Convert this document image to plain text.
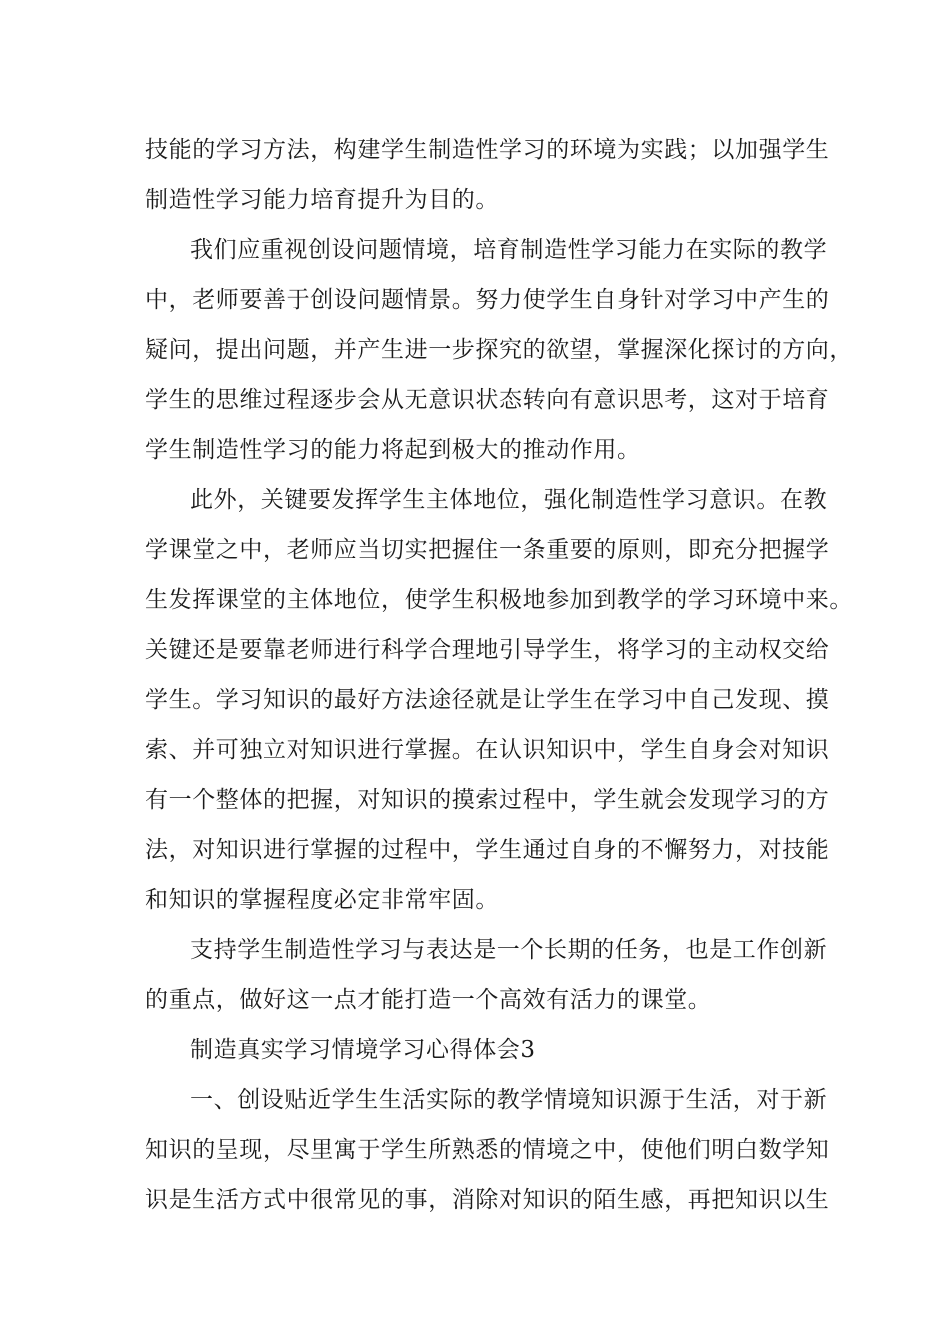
技能的学习方法，构建学生制造性学习的环境为实践；以加强学生
制造性学习能力培育提升为目的。
我们应重视创设问题情境，培育制造性学习能力在实际的教学
中，老师要善于创设问题情景。努力使学生自身针对学习中产生的
疑问，提出问题，并产生进一步探究的欲望，掌握深化探讨的方向，
学生的思维过程逐步会从无意识状态转向有意识思考，这对于培育
学生制造性学习的能力将起到极大的推动作用。
此外，关键要发挥学生主体地位，强化制造性学习意识。在教
学课堂之中，老师应当切实把握住一条重要的原则，即充分把握学
生发挥课堂的主体地位，使学生积极地参加到教学的学习环境中来。
关键还是要靠老师进行科学合理地引导学生，将学习的主动权交给
学生。学习知识的最好方法途径就是让学生在学习中自己发现、摸
索、并可独立对知识进行掌握。在认识知识中，学生自身会对知识
有一个整体的把握，对知识的摸索过程中，学生就会发现学习的方
法，对知识进行掌握的过程中，学生通过自身的不懈努力，对技能
和知识的掌握程度必定非常牢固。
支持学生制造性学习与表达是一个长期的任务，也是工作创新
的重点，做好这一点才能打造一个高效有活力的课堂。
制造真实学习情境学习心得体会3
一、创设贴近学生生活实际的教学情境知识源于生活，对于新
知识的呈现，尽里寓于学生所熟悉的情境之中，使他们明白数学知
识是生活方式中很常见的事，消除对知识的陌生感，再把知识以生
